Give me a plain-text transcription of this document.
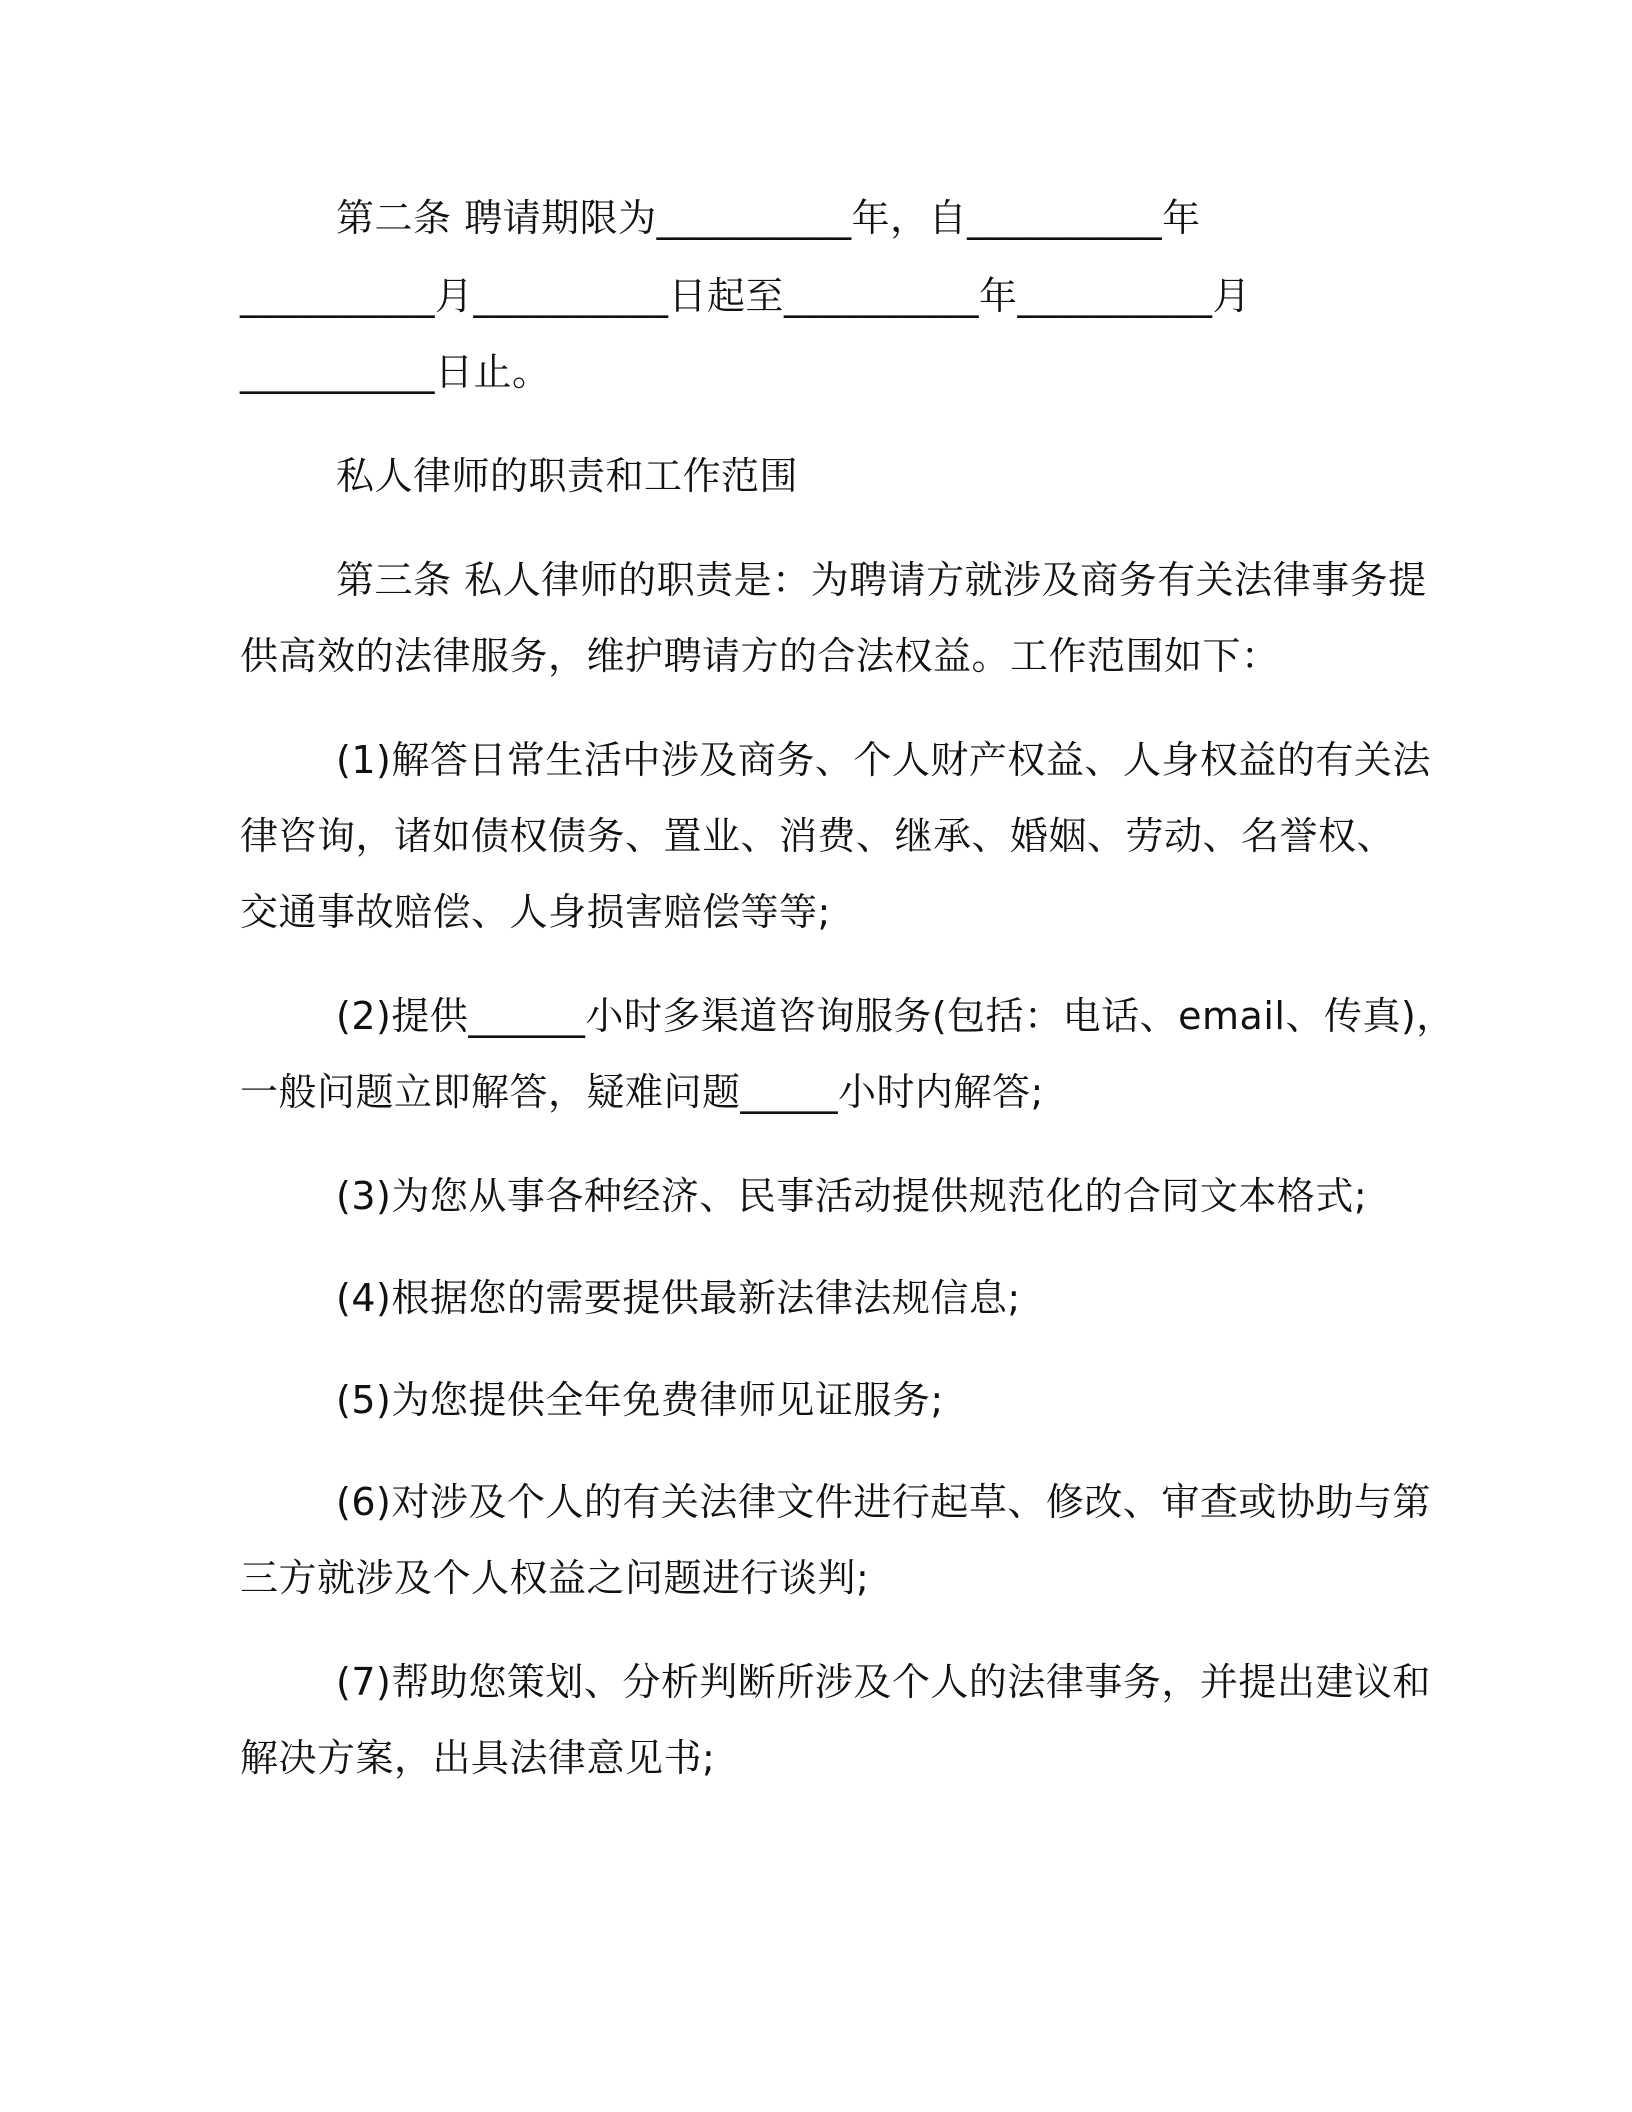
第二条 聘请期限为__________年，自__________年
__________月__________日起至__________年__________月
__________日止。
私人律师的职责和工作范围
第三条 私人律师的职责是：为聘请方就涉及商务有关法律事务提
供高效的法律服务，维护聘请方的合法权益。工作范围如下：
(1)解答日常生活中涉及商务、个人财产权益、人身权益的有关法
律咨询，诸如债权债务、置业、消费、继承、婚姻、劳动、名誉权、
交通事故赔偿、人身损害赔偿等等;
(2)提供______小时多渠道咨询服务(包括：电话、email、传真)，
一般问题立即解答，疑难问题_____小时内解答;
(3)为您从事各种经济、民事活动提供规范化的合同文本格式;
(4)根据您的需要提供最新法律法规信息;
(5)为您提供全年免费律师见证服务;
(6)对涉及个人的有关法律文件进行起草、修改、审查或协助与第
三方就涉及个人权益之问题进行谈判;
(7)帮助您策划、分析判断所涉及个人的法律事务，并提出建议和
解决方案，出具法律意见书;
